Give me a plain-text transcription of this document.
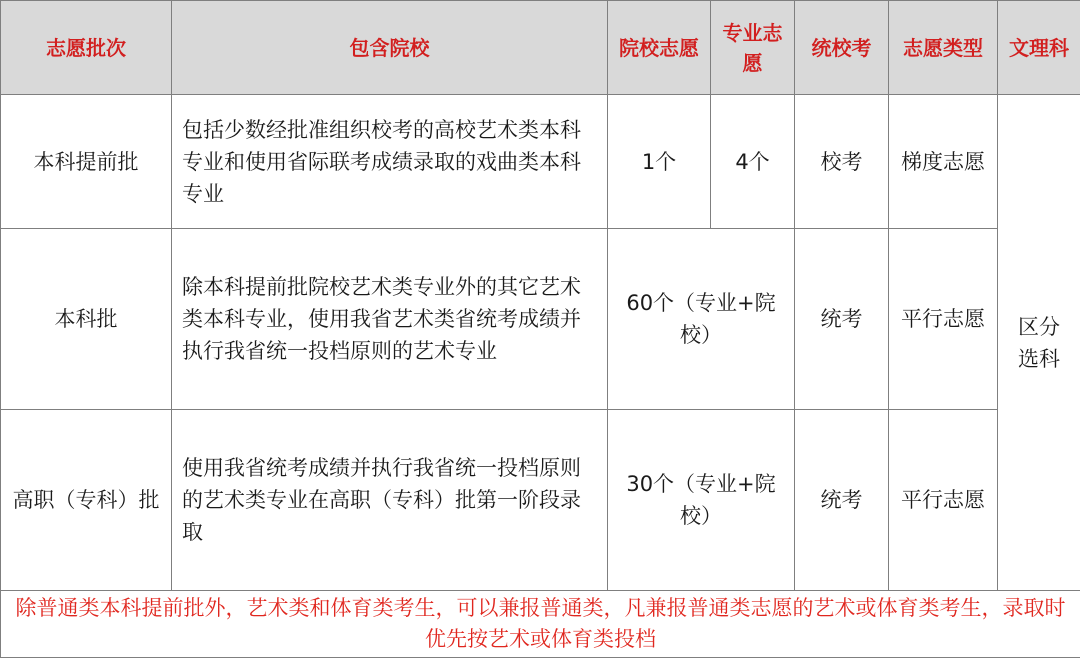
志愿批次	包含院校	院校志愿	专业志愿	统校考	志愿类型	文理科
本科提前批	包括少数经批准组织校考的高校艺术类本科专业和使用省际联考成绩录取的戏曲类本科专业	1个	4个	校考	梯度志愿	区分选科
本科批	除本科提前批院校艺术类专业外的其它艺术类本科专业，使用我省艺术类省统考成绩并执行我省统一投档原则的艺术专业	60个（专业+院校）		统考	平行志愿	
高职（专科）批	使用我省统考成绩并执行我省统一投档原则的艺术类专业在高职（专科）批第一阶段录取	30个（专业+院校）		统考	平行志愿	
除普通类本科提前批外，艺术类和体育类考生，可以兼报普通类，凡兼报普通类志愿的艺术或体育类考生，录取时优先按艺术或体育类投档						
